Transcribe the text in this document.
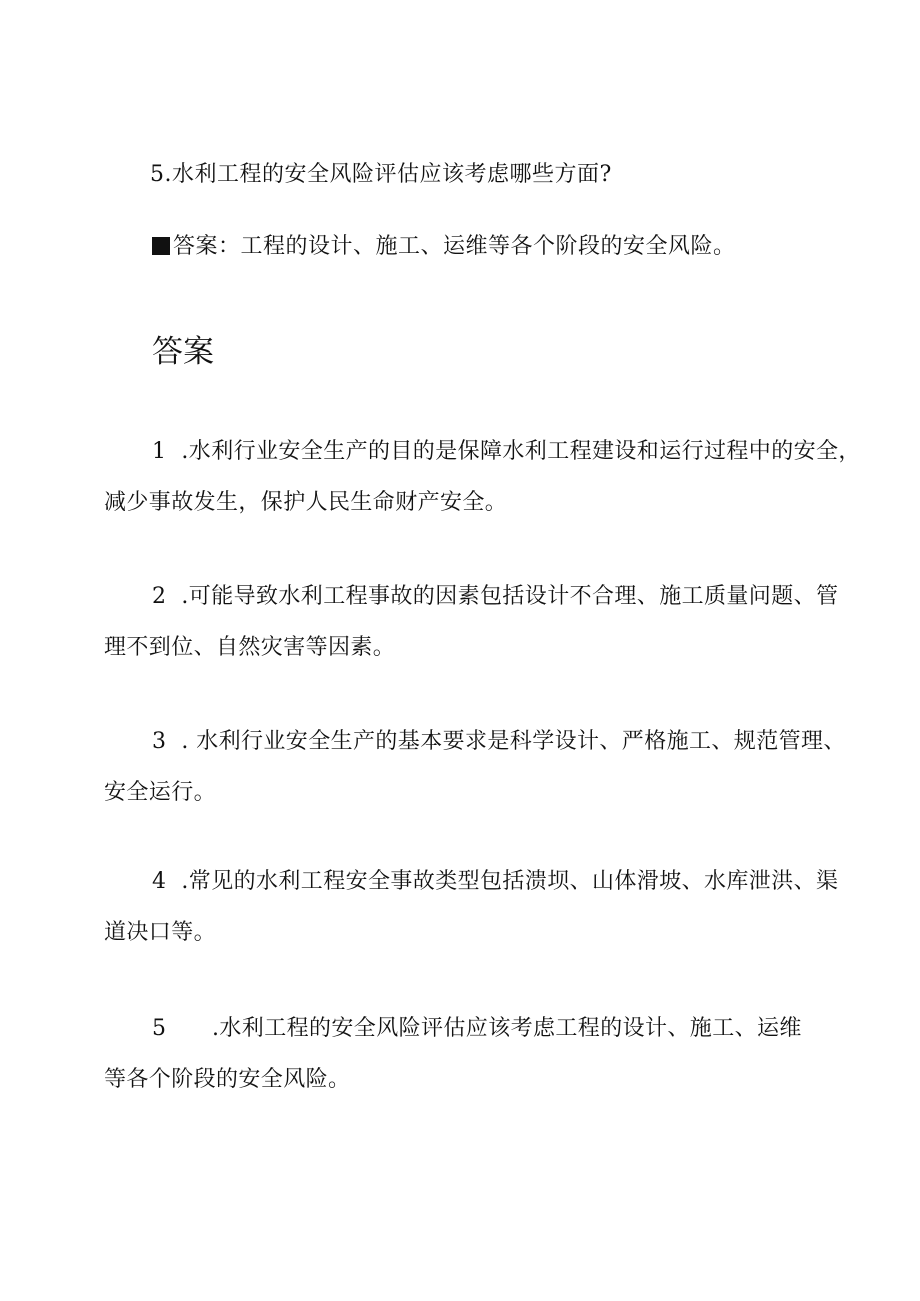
5.水利工程的安全风险评估应该考虑哪些方面?
答案：工程的设计、施工、运维等各个阶段的安全风险。
答案
1 .水利行业安全生产的目的是保障水利工程建设和运行过程中的安全，
减少事故发生，保护人民生命财产安全。
2 .可能导致水利工程事故的因素包括设计不合理、施工质量问题、管
理不到位、自然灾害等因素。
3 . 水利行业安全生产的基本要求是科学设计、严格施工、规范管理、
安全运行。
4 .常见的水利工程安全事故类型包括溃坝、山体滑坡、水库泄洪、渠
道决口等。
5 .水利工程的安全风险评估应该考虑工程的设计、施工、运维
等各个阶段的安全风险。
